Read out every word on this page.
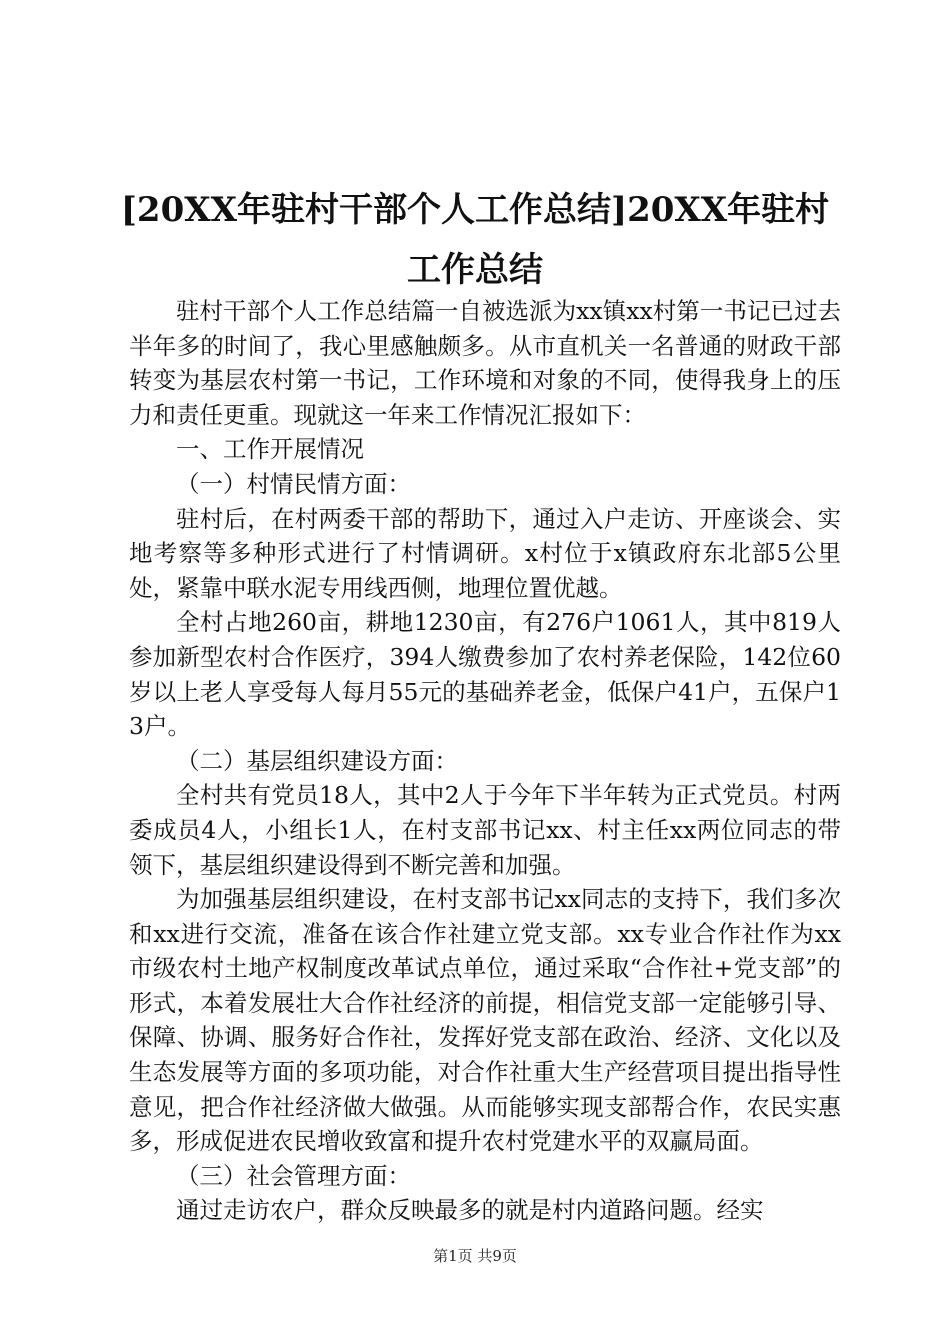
[20XX年驻村干部个人工作总结]20XX年驻村
工作总结

驻村干部个人工作总结篇一自被选派为xx镇xx村第一书记已过去半年多的时间了，我心里感触颇多。从市直机关一名普通的财政干部转变为基层农村第一书记，工作环境和对象的不同，使得我身上的压力和责任更重。现就这一年来工作情况汇报如下：

一、工作开展情况

（一）村情民情方面：

驻村后，在村两委干部的帮助下，通过入户走访、开座谈会、实地考察等多种形式进行了村情调研。x村位于x镇政府东北部5公里处，紧靠中联水泥专用线西侧，地理位置优越。

全村占地260亩，耕地1230亩，有276户1061人，其中819人参加新型农村合作医疗，394人缴费参加了农村养老保险，142位60岁以上老人享受每人每月55元的基础养老金，低保户41户，五保户13户。

（二）基层组织建设方面：

全村共有党员18人，其中2人于今年下半年转为正式党员。村两委成员4人，小组长1人，在村支部书记xx、村主任xx两位同志的带领下，基层组织建设得到不断完善和加强。

为加强基层组织建设，在村支部书记xx同志的支持下，我们多次和xx进行交流，准备在该合作社建立党支部。xx专业合作社作为xx市级农村土地产权制度改革试点单位，通过采取“合作社+党支部”的形式，本着发展壮大合作社经济的前提，相信党支部一定能够引导、保障、协调、服务好合作社，发挥好党支部在政治、经济、文化以及生态发展等方面的多项功能，对合作社重大生产经营项目提出指导性意见，把合作社经济做大做强。从而能够实现支部帮合作，农民实惠多，形成促进农民增收致富和提升农村党建水平的双赢局面。

（三）社会管理方面：

通过走访农户，群众反映最多的就是村内道路问题。经实

第1页 共9页
